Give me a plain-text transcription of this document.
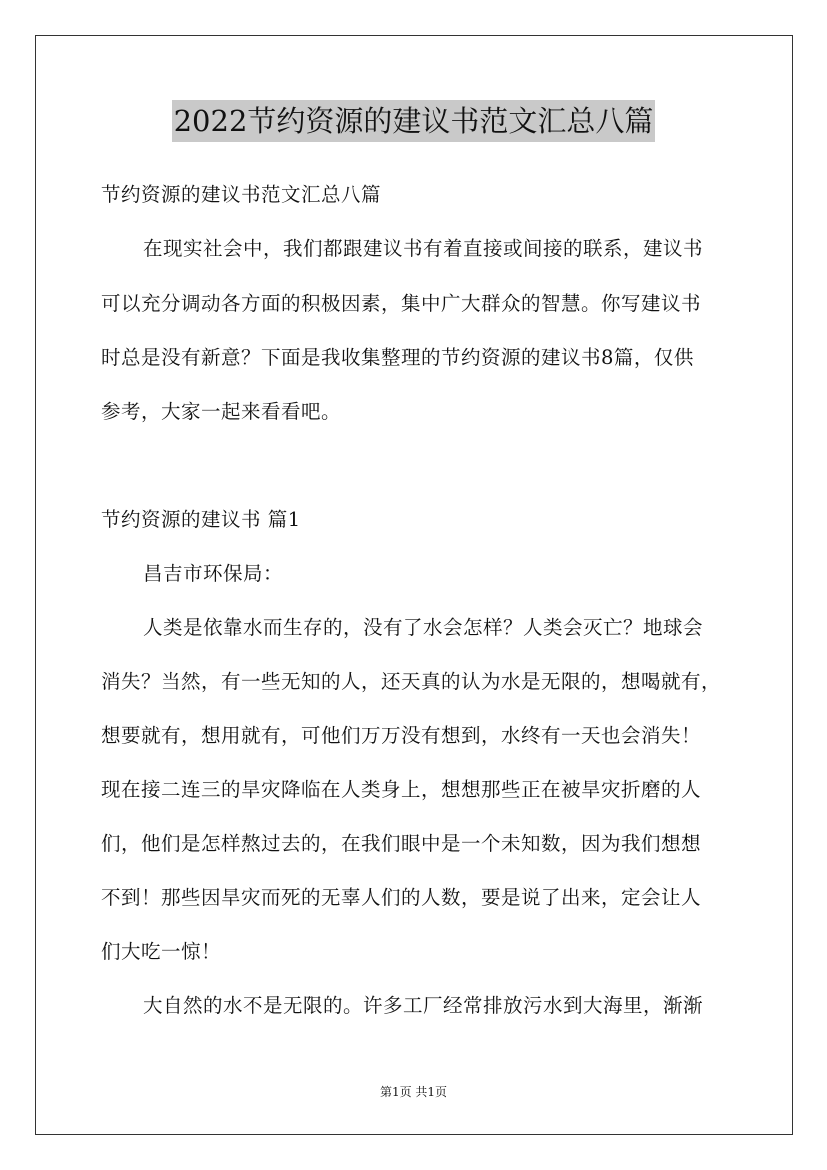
2022节约资源的建议书范文汇总八篇
节约资源的建议书范文汇总八篇
在现实社会中，我们都跟建议书有着直接或间接的联系，建议书
可以充分调动各方面的积极因素，集中广大群众的智慧。你写建议书
时总是没有新意？下面是我收集整理的节约资源的建议书8篇，仅供
参考，大家一起来看看吧。
节约资源的建议书 篇1
昌吉市环保局：
人类是依靠水而生存的，没有了水会怎样？人类会灭亡？地球会
消失？当然，有一些无知的人，还天真的认为水是无限的，想喝就有，
想要就有，想用就有，可他们万万没有想到，水终有一天也会消失！
现在接二连三的旱灾降临在人类身上，想想那些正在被旱灾折磨的人
们，他们是怎样熬过去的，在我们眼中是一个未知数，因为我们想想
不到！那些因旱灾而死的无辜人们的人数，要是说了出来，定会让人
们大吃一惊！
大自然的水不是无限的。许多工厂经常排放污水到大海里，渐渐
第1页 共1页
